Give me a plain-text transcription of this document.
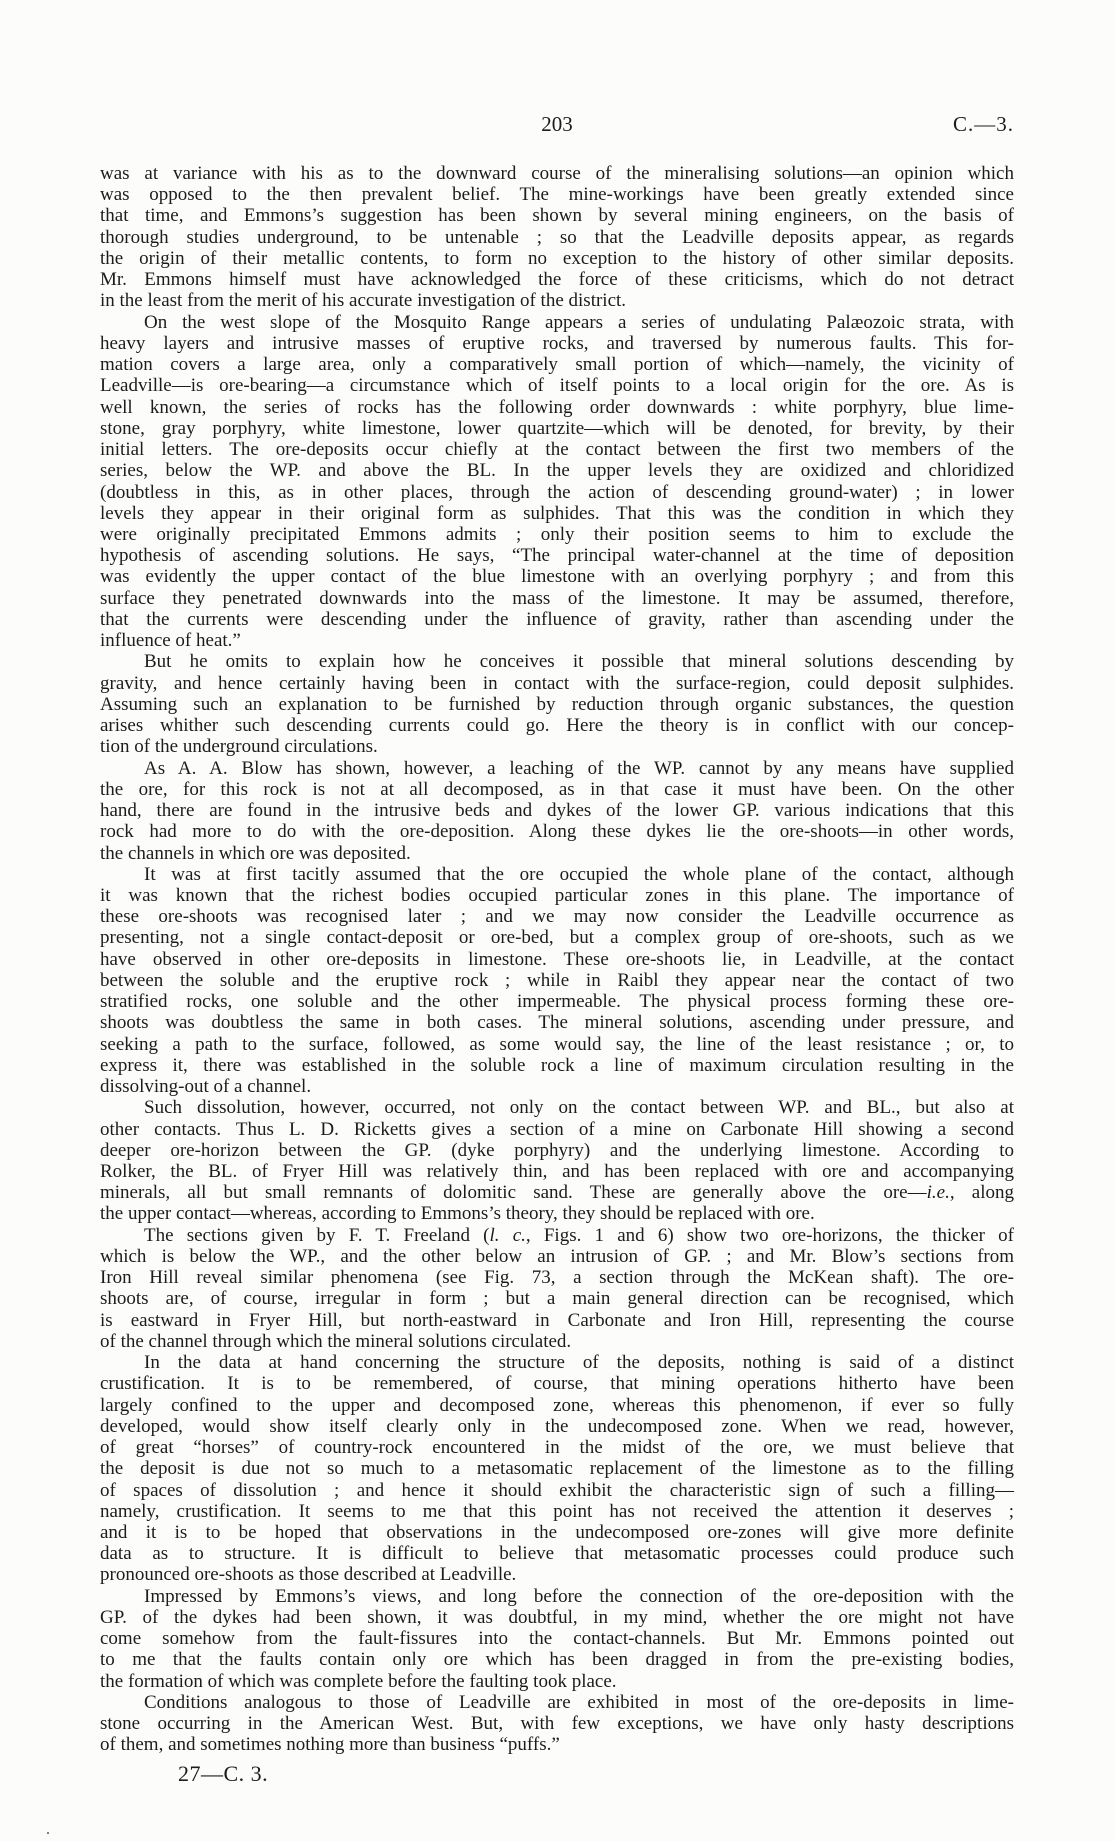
203	C.—3.
was at variance with his as to the downward course of the mineralising solutions—an opinion which
was opposed to the then prevalent belief. The mine-workings have been greatly extended since
that time, and Emmons’s suggestion has been shown by several mining engineers, on the basis of
thorough studies underground, to be untenable ; so that the Leadville deposits appear, as regards
the origin of their metallic contents, to form no exception to the history of other similar deposits.
Mr. Emmons himself must have acknowledged the force of these criticisms, which do not detract
in the least from the merit of his accurate investigation of the district.
On the west slope of the Mosquito Range appears a series of undulating Palæozoic strata, with
heavy layers and intrusive masses of eruptive rocks, and traversed by numerous faults. This for-
mation covers a large area, only a comparatively small portion of which—namely, the vicinity of
Leadville—is ore-bearing—a circumstance which of itself points to a local origin for the ore. As is
well known, the series of rocks has the following order downwards : white porphyry, blue lime-
stone, gray porphyry, white limestone, lower quartzite—which will be denoted, for brevity, by their
initial letters. The ore-deposits occur chiefly at the contact between the first two members of the
series, below the WP. and above the BL. In the upper levels they are oxidized and chloridized
(doubtless in this, as in other places, through the action of descending ground-water) ; in lower
levels they appear in their original form as sulphides. That this was the condition in which they
were originally precipitated Emmons admits ; only their position seems to him to exclude the
hypothesis of ascending solutions. He says, “The principal water-channel at the time of deposition
was evidently the upper contact of the blue limestone with an overlying porphyry ; and from this
surface they penetrated downwards into the mass of the limestone. It may be assumed, therefore,
that the currents were descending under the influence of gravity, rather than ascending under the
influence of heat.”
But he omits to explain how he conceives it possible that mineral solutions descending by
gravity, and hence certainly having been in contact with the surface-region, could deposit sulphides.
Assuming such an explanation to be furnished by reduction through organic substances, the question
arises whither such descending currents could go. Here the theory is in conflict with our concep-
tion of the underground circulations.
As A. A. Blow has shown, however, a leaching of the WP. cannot by any means have supplied
the ore, for this rock is not at all decomposed, as in that case it must have been. On the other
hand, there are found in the intrusive beds and dykes of the lower GP. various indications that this
rock had more to do with the ore-deposition. Along these dykes lie the ore-shoots—in other words,
the channels in which ore was deposited.
It was at first tacitly assumed that the ore occupied the whole plane of the contact, although
it was known that the richest bodies occupied particular zones in this plane. The importance of
these ore-shoots was recognised later ; and we may now consider the Leadville occurrence as
presenting, not a single contact-deposit or ore-bed, but a complex group of ore-shoots, such as we
have observed in other ore-deposits in limestone. These ore-shoots lie, in Leadville, at the contact
between the soluble and the eruptive rock ; while in Raibl they appear near the contact of two
stratified rocks, one soluble and the other impermeable. The physical process forming these ore-
shoots was doubtless the same in both cases. The mineral solutions, ascending under pressure, and
seeking a path to the surface, followed, as some would say, the line of the least resistance ; or, to
express it, there was established in the soluble rock a line of maximum circulation resulting in the
dissolving-out of a channel.
Such dissolution, however, occurred, not only on the contact between WP. and BL., but also at
other contacts. Thus L. D. Ricketts gives a section of a mine on Carbonate Hill showing a second
deeper ore-horizon between the GP. (dyke porphyry) and the underlying limestone. According to
Rolker, the BL. of Fryer Hill was relatively thin, and has been replaced with ore and accompanying
minerals, all but small remnants of dolomitic sand. These are generally above the ore—i.e., along
the upper contact—whereas, according to Emmons’s theory, they should be replaced with ore.
The sections given by F. T. Freeland (l. c., Figs. 1 and 6) show two ore-horizons, the thicker of
which is below the WP., and the other below an intrusion of GP. ; and Mr. Blow’s sections from
Iron Hill reveal similar phenomena (see Fig. 73, a section through the McKean shaft). The ore-
shoots are, of course, irregular in form ; but a main general direction can be recognised, which
is eastward in Fryer Hill, but north-eastward in Carbonate and Iron Hill, representing the course
of the channel through which the mineral solutions circulated.
In the data at hand concerning the structure of the deposits, nothing is said of a distinct
crustification. It is to be remembered, of course, that mining operations hitherto have been
largely confined to the upper and decomposed zone, whereas this phenomenon, if ever so fully
developed, would show itself clearly only in the undecomposed zone. When we read, however,
of great “horses” of country-rock encountered in the midst of the ore, we must believe that
the deposit is due not so much to a metasomatic replacement of the limestone as to the filling
of spaces of dissolution ; and hence it should exhibit the characteristic sign of such a filling—
namely, crustification. It seems to me that this point has not received the attention it deserves ;
and it is to be hoped that observations in the undecomposed ore-zones will give more definite
data as to structure. It is difficult to believe that metasomatic processes could produce such
pronounced ore-shoots as those described at Leadville.
Impressed by Emmons’s views, and long before the connection of the ore-deposition with the
GP. of the dykes had been shown, it was doubtful, in my mind, whether the ore might not have
come somehow from the fault-fissures into the contact-channels. But Mr. Emmons pointed out
to me that the faults contain only ore which has been dragged in from the pre-existing bodies,
the formation of which was complete before the faulting took place.
Conditions analogous to those of Leadville are exhibited in most of the ore-deposits in lime-
stone occurring in the American West. But, with few exceptions, we have only hasty descriptions
of them, and sometimes nothing more than business “puffs.”
27—C. 3.
